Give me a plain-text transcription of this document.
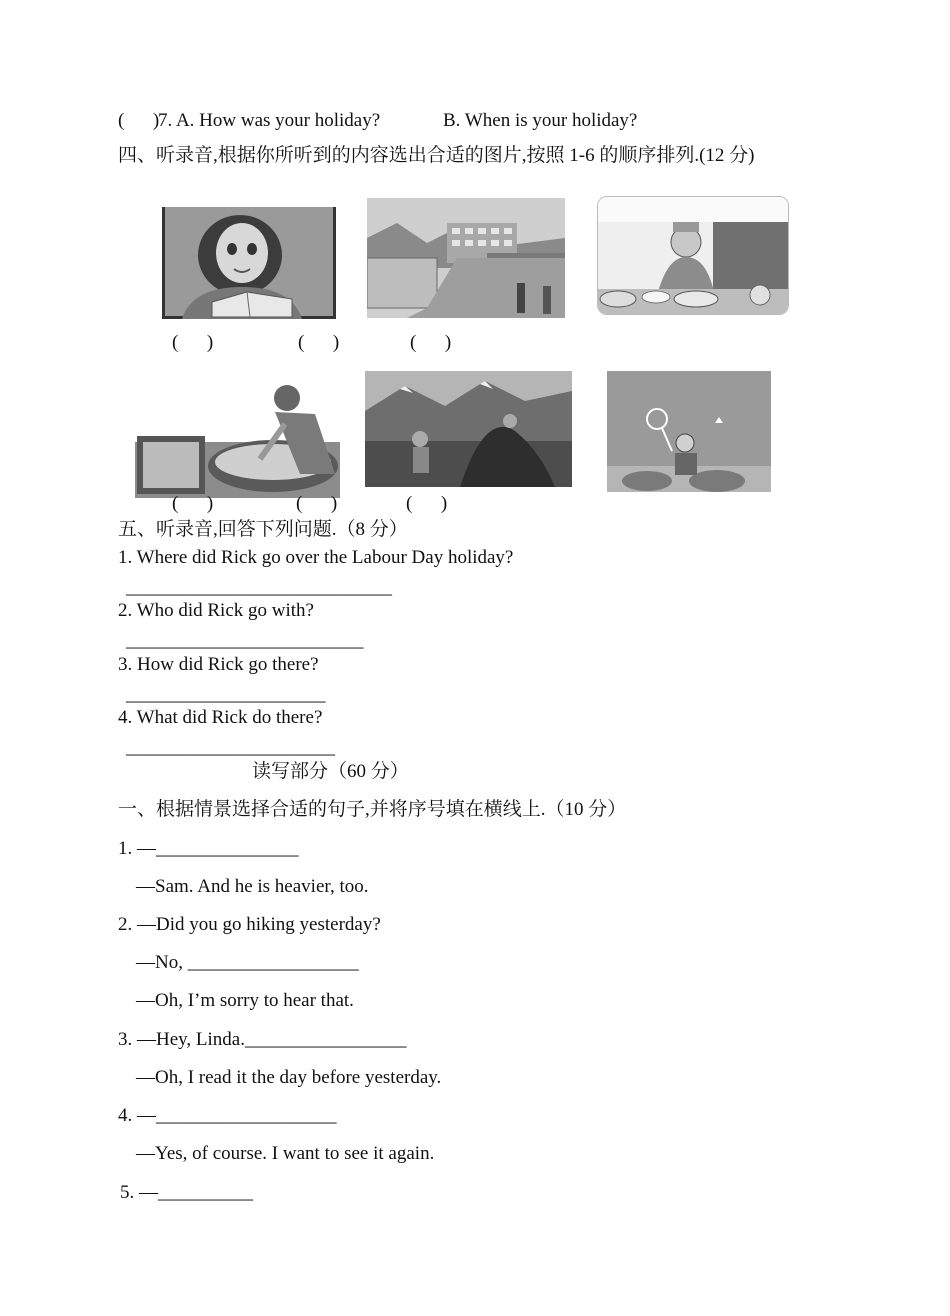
(      )
7. A. How was your holiday?	B. When is your holiday?
四、听录音,根据你所听到的内容选出合适的图片,按照 1-6 的顺序排列.(12 分)
(      )	(      )	(      )
(      )	(      )	(      )
五、听录音,回答下列问题.（8 分）
1. Where did Rick go over the Labour Day holiday?
____________________________
2. Who did Rick go with?
_________________________
3. How did Rick go there?
_____________________
4. What did Rick do there?
______________________
读写部分（60 分）
一、根据情景选择合适的句子,并将序号填在横线上.（10 分）
1. —_______________
—Sam. And he is heavier, too.
2. —Did you go hiking yesterday?
—No, __________________
—Oh, I’m sorry to hear that.
3. —Hey, Linda._________________
—Oh, I read it the day before yesterday.
4. —___________________
—Yes, of course. I want to see it again.
5. —__________
